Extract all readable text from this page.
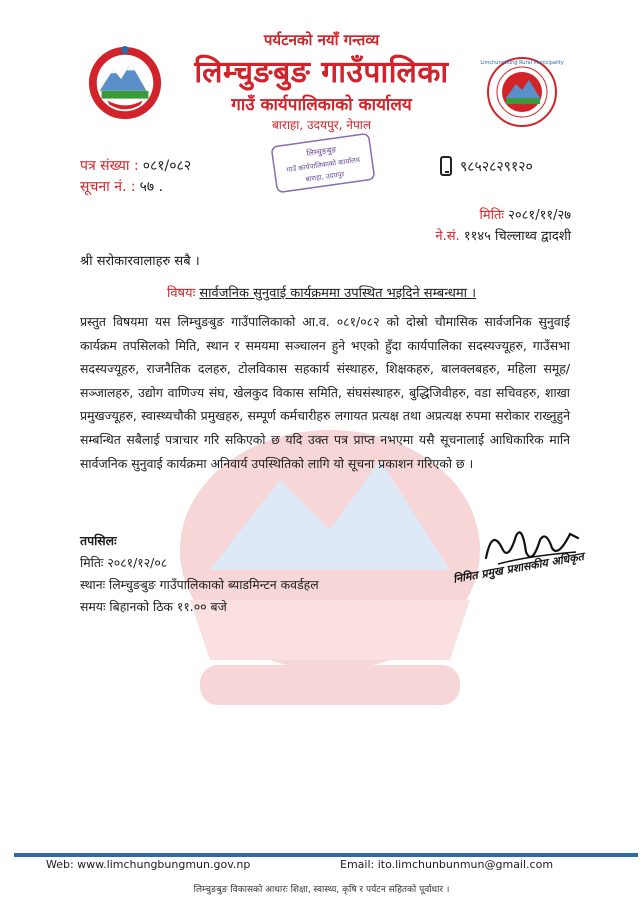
Limchungbung Rural Municipality
पर्यटनको नयाँ गन्तव्य
लिम्चुङबुङ गाउँपालिका
गाउँ कार्यपालिकाको कार्यालय
बाराहा, उदयपुर, नेपाल
लिम्चुङबुङ
गाउँ कार्यपालिकाको कार्यालय
बाराहा, उदयपुर
पत्र संख्या : ०८१/०८२
सूचना नं. : ५७ .
९८५२८२९१२०
मितिः २०८१/११/२७
ने.सं. ११४५ चिल्लाथ्व द्वादशी
श्री सरोकारवालाहरु सबै ।
विषयः सार्वजनिक सुनुवाई कार्यक्रममा उपस्थित भइदिने सम्बन्धमा ।
प्रस्तुत विषयमा यस लिम्चुङबुङ गाउँपालिकाको आ.व. ०८१/०८२ को दोस्रो चौमासिक सार्वजनिक सुनुवाई कार्यक्रम तपसिलको मिति, स्थान र समयमा सञ्चालन हुने भएको हुँदा कार्यपालिका सदस्यज्यूहरु, गाउँसभा सदस्यज्यूहरु, राजनैतिक दलहरु, टोलविकास सहकार्य संस्थाहरु, शिक्षकहरु, बालक्लबहरु, महिला समूह/सञ्जालहरु, उद्योग वाणिज्य संघ, खेलकुद विकास समिति, संघसंस्थाहरु, बुद्धिजिवीहरु, वडा सचिवहरु, शाखा प्रमुखज्यूहरु, स्वास्थ्यचौकी प्रमुखहरु, सम्पूर्ण कर्मचारीहरु लगायत प्रत्यक्ष तथा अप्रत्यक्ष रुपमा सरोकार राख्नुहुने सम्बन्धित सबैलाई पत्राचार गरि सकिएको छ यदि उक्त पत्र प्राप्त नभएमा यसै सूचनालाई आधिकारिक मानि सार्वजनिक सुनुवाई कार्यक्रमा अनिवार्य उपस्थितिको लागि यो सूचना प्रकाशन गरिएको छ ।
तपसिलः
मितिः २०८१/१२/०८
स्थानः लिम्चुङबुङ गाउँपालिकाको ब्याडमिन्टन कवर्डहल
समयः बिहानको ठिक ११.०० बजे
निमित प्रमुख प्रशासकीय अधिकृत
Web: www.limchungbungmun.gov.np	Email: ito.limchunbunmun@gmail.com
लिम्चुङबुङ विकासको आधारः शिक्षा, स्वास्थ्य, कृषि र पर्यटन सहितको पूर्वाधार ।
